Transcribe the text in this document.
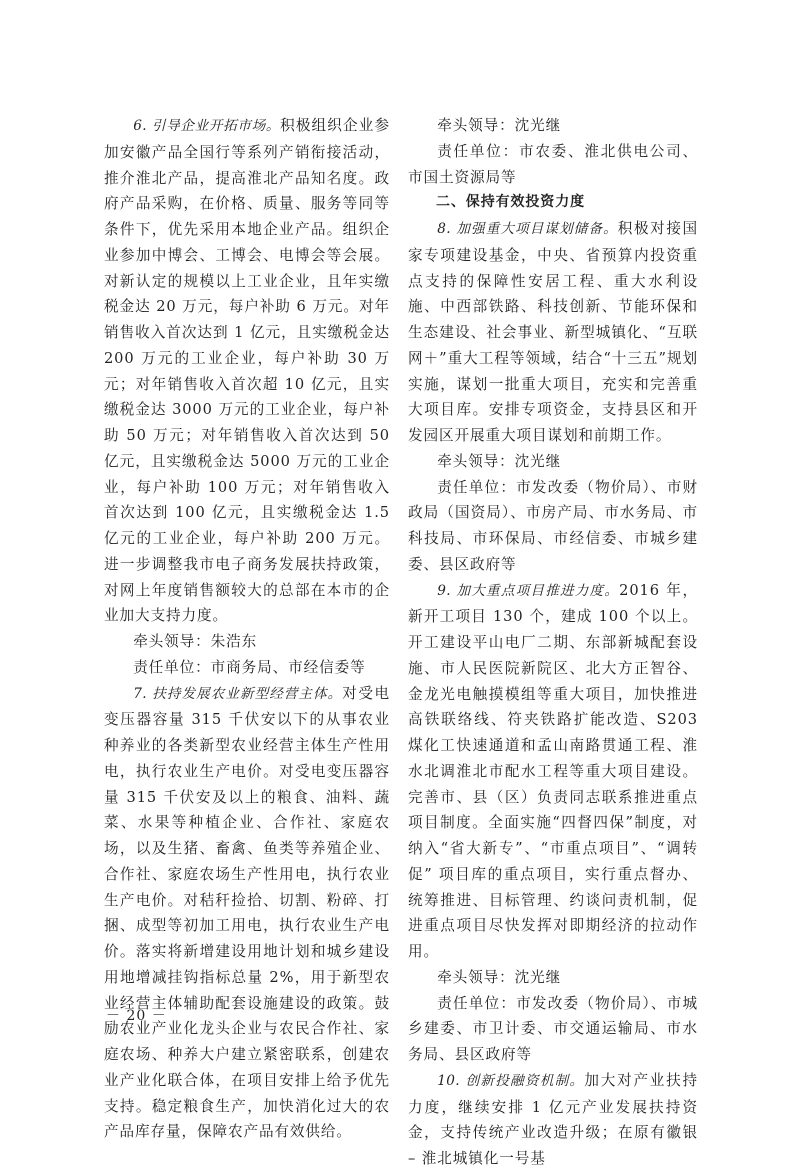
6. 引导企业开拓市场。积极组织企业参加安徽产品全国行等系列产销衔接活动，推介淮北产品，提高淮北产品知名度。政府产品采购，在价格、质量、服务等同等条件下，优先采用本地企业产品。组织企业参加中博会、工博会、电博会等会展。对新认定的规模以上工业企业，且年实缴税金达 20 万元，每户补助 6 万元。对年销售收入首次达到 1 亿元，且实缴税金达 200 万元的工业企业，每户补助 30 万元；对年销售收入首次超 10 亿元，且实缴税金达 3000 万元的工业企业，每户补助 50 万元；对年销售收入首次达到 50 亿元，且实缴税金达 5000 万元的工业企业，每户补助 100 万元；对年销售收入首次达到 100 亿元，且实缴税金达 1.5 亿元的工业企业，每户补助 200 万元。进一步调整我市电子商务发展扶持政策，对网上年度销售额较大的总部在本市的企业加大支持力度。

牵头领导：朱浩东

责任单位：市商务局、市经信委等

7. 扶持发展农业新型经营主体。对受电变压器容量 315 千伏安以下的从事农业种养业的各类新型农业经营主体生产性用电，执行农业生产电价。对受电变压器容量 315 千伏安及以上的粮食、油料、蔬菜、水果等种植企业、合作社、家庭农场，以及生猪、畜禽、鱼类等养殖企业、合作社、家庭农场生产性用电，执行农业生产电价。对秸秆捡拾、切割、粉碎、打捆、成型等初加工用电，执行农业生产电价。落实将新增建设用地计划和城乡建设用地增减挂钩指标总量 2%，用于新型农业经营主体辅助配套设施建设的政策。鼓励农业产业化龙头企业与农民合作社、家庭农场、种养大户建立紧密联系，创建农业产业化联合体，在项目安排上给予优先支持。稳定粮食生产，加快消化过大的农产品库存量，保障农产品有效供给。

牵头领导：沈光继

责任单位：市农委、淮北供电公司、市国土资源局等

二、保持有效投资力度

8. 加强重大项目谋划储备。积极对接国家专项建设基金，中央、省预算内投资重点支持的保障性安居工程、重大水利设施、中西部铁路、科技创新、节能环保和生态建设、社会事业、新型城镇化、“互联网＋”重大工程等领域，结合“十三五”规划实施，谋划一批重大项目，充实和完善重大项目库。安排专项资金，支持县区和开发园区开展重大项目谋划和前期工作。

牵头领导：沈光继

责任单位：市发改委（物价局）、市财政局（国资局）、市房产局、市水务局、市科技局、市环保局、市经信委、市城乡建委、县区政府等

9. 加大重点项目推进力度。2016 年，新开工项目 130 个，建成 100 个以上。开工建设平山电厂二期、东部新城配套设施、市人民医院新院区、北大方正智谷、金龙光电触摸模组等重大项目，加快推进高铁联络线、符夹铁路扩能改造、S203 煤化工快速通道和孟山南路贯通工程、淮水北调淮北市配水工程等重大项目建设。完善市、县（区）负责同志联系推进重点项目制度。全面实施“四督四保”制度，对纳入“省大新专”、“市重点项目”、“调转促” 项目库的重点项目，实行重点督办、统筹推进、目标管理、约谈问责机制，促进重点项目尽快发挥对即期经济的拉动作用。

牵头领导：沈光继

责任单位：市发改委（物价局）、市城乡建委、市卫计委、市交通运输局、市水务局、县区政府等

10. 创新投融资机制。加大对产业扶持力度，继续安排 1 亿元产业发展扶持资金，支持传统产业改造升级；在原有徽银 – 淮北城镇化一号基

－ 20 －
